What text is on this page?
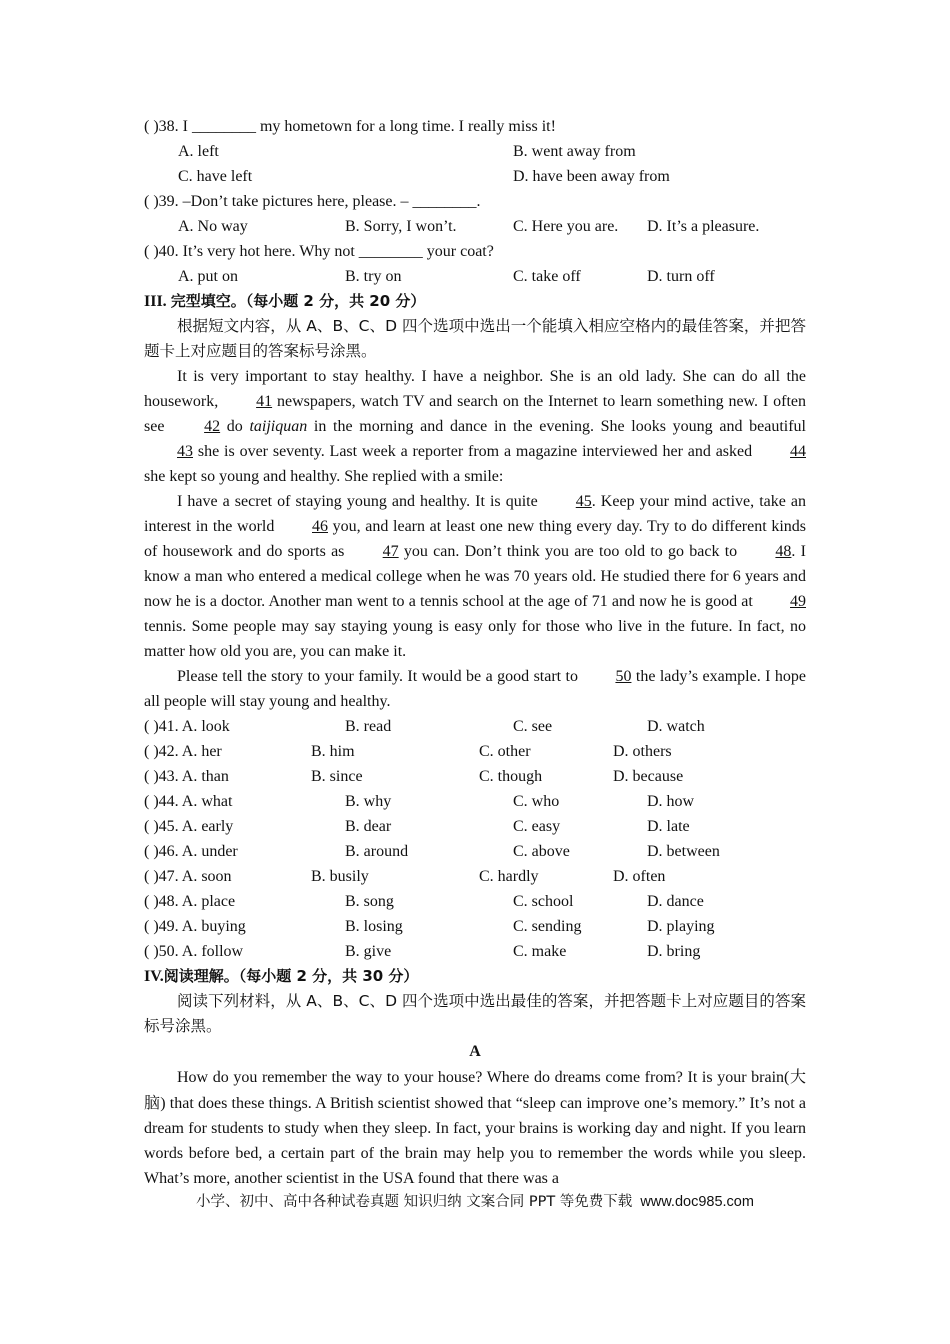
( )38. I ________ my hometown for a long time. I really miss it!
A. left	B. went away from
C. have left	D. have been away from
( )39. –Don’t take pictures here, please. – ________.
A. No way	B. Sorry, I won’t.	C. Here you are. D. It’s a pleasure.
( )40. It’s very hot here. Why not ________ your coat?
A. put on	B. try on	C. take off	D. turn off
III. 完型填空。（每小题 2 分，共 20 分）
根据短文内容，从 A、B、C、D 四个选项中选出一个能填入相应空格内的最佳答案，并把答题卡上对应题目的答案标号涂黑。

It is very important to stay healthy. I have a neighbor. She is an old lady. She can do all the housework, 41 newspapers, watch TV and search on the Internet to learn something new. I often see 42 do taijiquan in the morning and dance in the evening. She looks young and beautiful 43 she is over seventy. Last week a reporter from a magazine interviewed her and asked 44 she kept so young and healthy. She replied with a smile:

I have a secret of staying young and healthy. It is quite 45. Keep your mind active, take an interest in the world 46 you, and learn at least one new thing every day. Try to do different kinds of housework and do sports as 47 you can. Don’t think you are too old to go back to 48. I know a man who entered a medical college when he was 70 years old. He studied there for 6 years and now he is a doctor. Another man went to a tennis school at the age of 71 and now he is good at 49 tennis. Some people may say staying young is easy only for those who live in the future. In fact, no matter how old you are, you can make it.

Please tell the story to your family. It would be a good start to 50 the lady’s example. I hope all people will stay young and healthy.

( )41. A. look	B. read	C. see	D. watch
( )42. A. her	B. him	C. other	D. others
( )43. A. than	B. since	C. though	D. because
( )44. A. what	B. why	C. who	D. how
( )45. A. early	B. dear	C. easy	D. late
( )46. A. under	B. around	C. above	D. between
( )47. A. soon	B. busily	C. hardly	D. often
( )48. A. place	B. song	C. school	D. dance
( )49. A. buying	B. losing	C. sending	D. playing
( )50. A. follow	B. give	C. make	D. bring
IV.阅读理解。（每小题 2 分，共 30 分）
阅读下列材料，从 A、B、C、D 四个选项中选出最佳的答案，并把答题卡上对应题目的答案标号涂黑。
A

How do you remember the way to your house? Where do dreams come from? It is your brain(大脑) that does these things. A British scientist showed that “sleep can improve one’s memory.” It’s not a dream for students to study when they sleep. In fact, your brains is working day and night. If you learn words before bed, a certain part of the brain may help you to remember the words while you sleep. What’s more, another scientist in the USA found that there was a

小学、初中、高中各种试卷真题 知识归纳 文案合同 PPT 等免费下载 www.doc985.com
